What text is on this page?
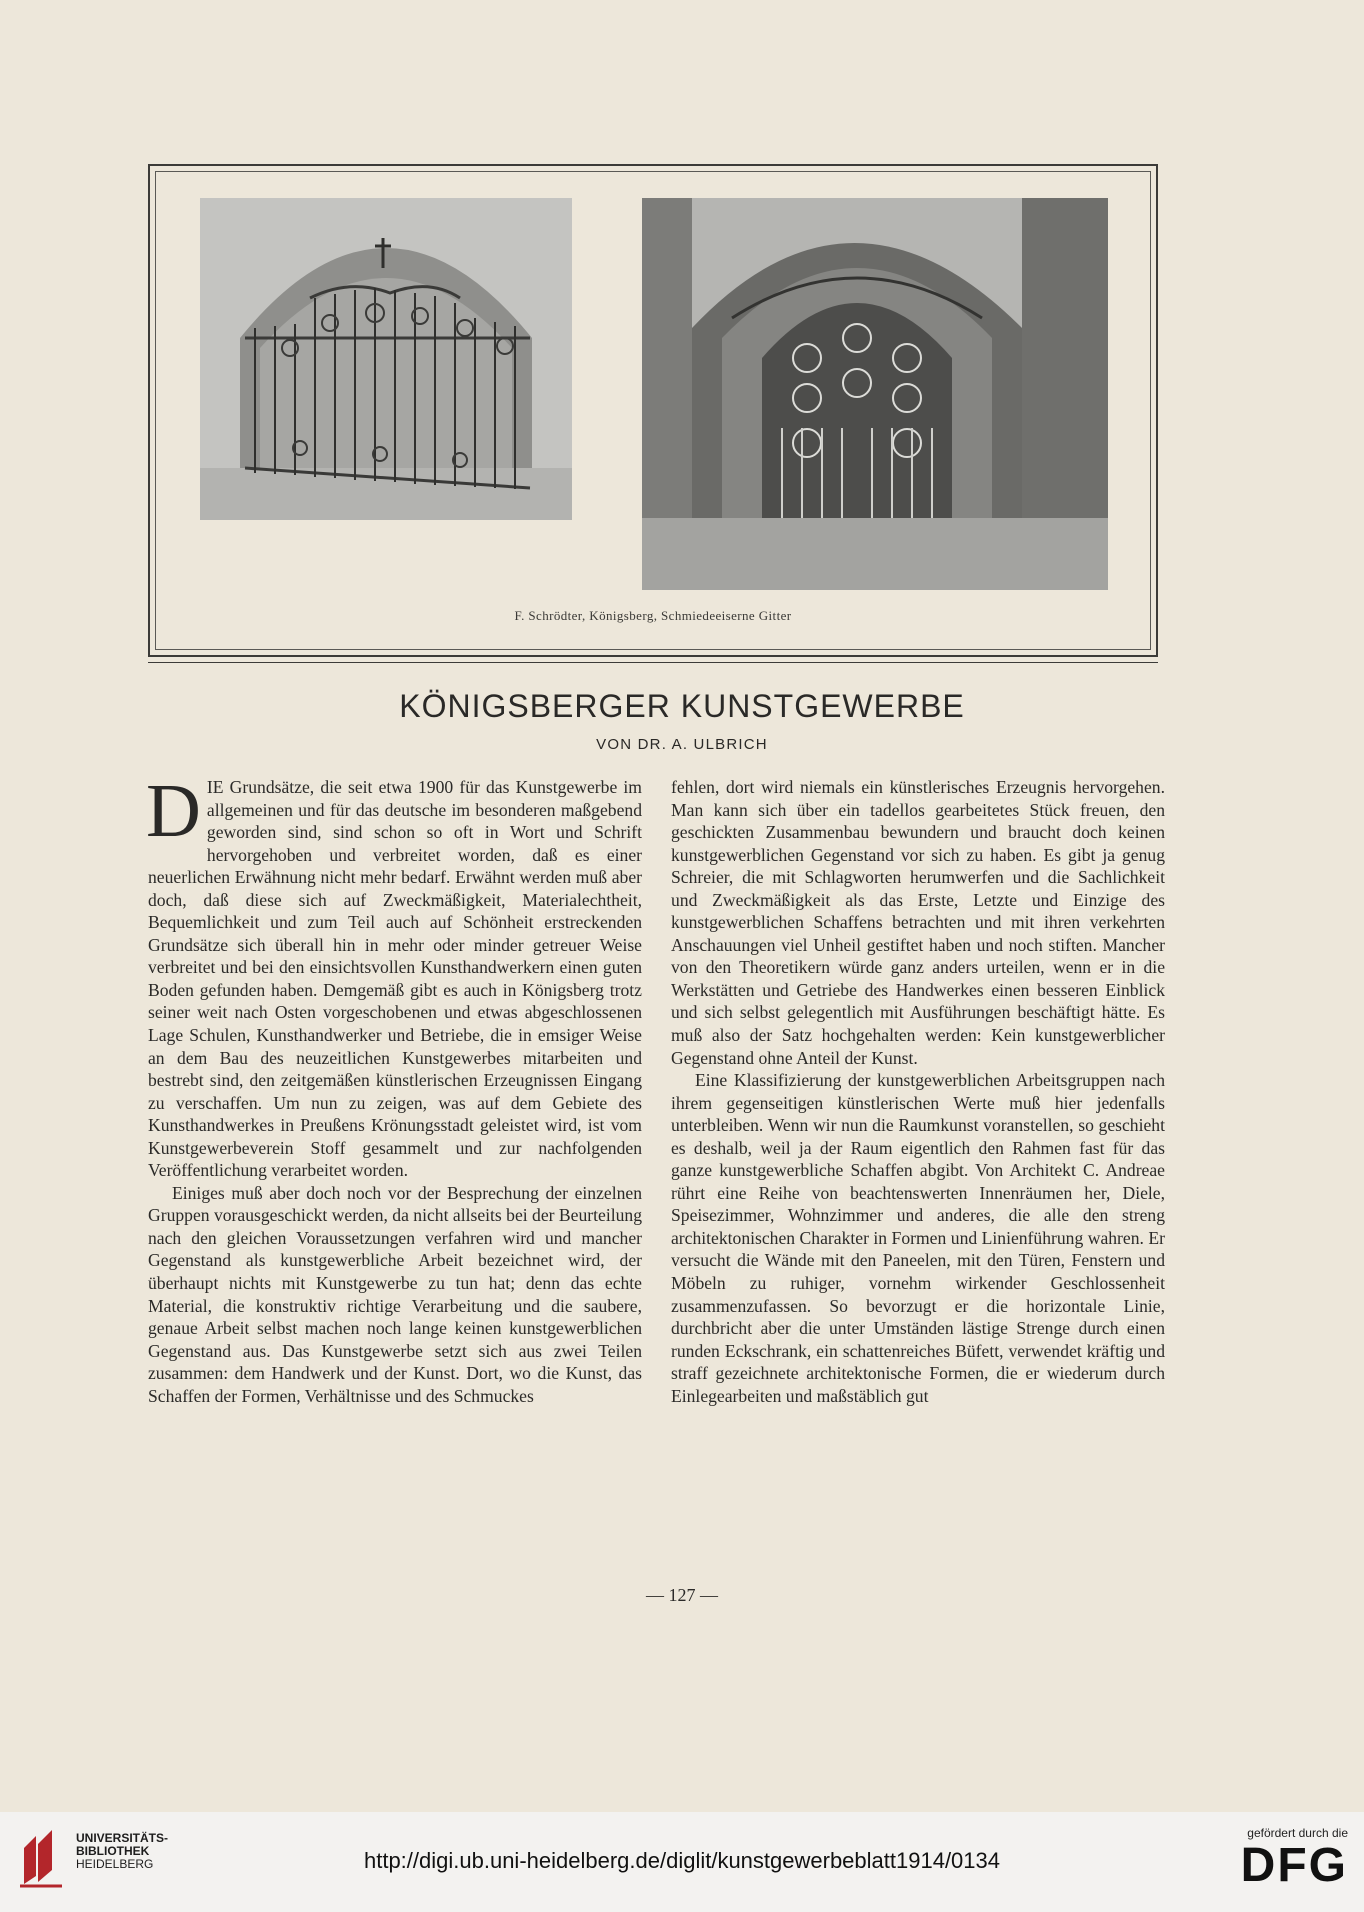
F. Schrödter, Königsberg, Schmiedeeiserne Gitter
KÖNIGSBERGER KUNSTGEWERBE
VON DR. A. ULBRICH

DIE Grundsätze, die seit etwa 1900 für das Kunstgewerbe im allgemeinen und für das deutsche im besonderen maßgebend geworden sind, sind schon so oft in Wort und Schrift hervorgehoben und verbreitet worden, daß es einer neuerlichen Erwähnung nicht mehr bedarf. Erwähnt werden muß aber doch, daß diese sich auf Zweckmäßigkeit, Materialechtheit, Bequemlichkeit und zum Teil auch auf Schönheit erstreckenden Grundsätze sich überall hin in mehr oder minder getreuer Weise verbreitet und bei den einsichtsvollen Kunsthandwerkern einen guten Boden gefunden haben. Demgemäß gibt es auch in Königsberg trotz seiner weit nach Osten vorgeschobenen und etwas abgeschlossenen Lage Schulen, Kunsthandwerker und Betriebe, die in emsiger Weise an dem Bau des neuzeitlichen Kunstgewerbes mitarbeiten und bestrebt sind, den zeitgemäßen künstlerischen Erzeugnissen Eingang zu verschaffen. Um nun zu zeigen, was auf dem Gebiete des Kunsthandwerkes in Preußens Krönungsstadt geleistet wird, ist vom Kunstgewerbeverein Stoff gesammelt und zur nachfolgenden Veröffentlichung verarbeitet worden.

Einiges muß aber doch noch vor der Besprechung der einzelnen Gruppen vorausgeschickt werden, da nicht allseits bei der Beurteilung nach den gleichen Voraussetzungen verfahren wird und mancher Gegenstand als kunstgewerbliche Arbeit bezeichnet wird, der überhaupt nichts mit Kunstgewerbe zu tun hat; denn das echte Material, die konstruktiv richtige Verarbeitung und die saubere, genaue Arbeit selbst machen noch lange keinen kunstgewerblichen Gegenstand aus. Das Kunstgewerbe setzt sich aus zwei Teilen zusammen: dem Handwerk und der Kunst. Dort, wo die Kunst, das Schaffen der Formen, Verhältnisse und des Schmuckes

fehlen, dort wird niemals ein künstlerisches Erzeugnis hervorgehen. Man kann sich über ein tadellos gearbeitetes Stück freuen, den geschickten Zusammenbau bewundern und braucht doch keinen kunstgewerblichen Gegenstand vor sich zu haben. Es gibt ja genug Schreier, die mit Schlagworten herumwerfen und die Sachlichkeit und Zweckmäßigkeit als das Erste, Letzte und Einzige des kunstgewerblichen Schaffens betrachten und mit ihren verkehrten Anschauungen viel Unheil gestiftet haben und noch stiften. Mancher von den Theoretikern würde ganz anders urteilen, wenn er in die Werkstätten und Getriebe des Handwerkes einen besseren Einblick und sich selbst gelegentlich mit Ausführungen beschäftigt hätte. Es muß also der Satz hochgehalten werden: Kein kunstgewerblicher Gegenstand ohne Anteil der Kunst.

Eine Klassifizierung der kunstgewerblichen Arbeitsgruppen nach ihrem gegenseitigen künstlerischen Werte muß hier jedenfalls unterbleiben. Wenn wir nun die Raumkunst voranstellen, so geschieht es deshalb, weil ja der Raum eigentlich den Rahmen fast für das ganze kunstgewerbliche Schaffen abgibt. Von Architekt C. Andreae rührt eine Reihe von beachtenswerten Innenräumen her, Diele, Speisezimmer, Wohnzimmer und anderes, die alle den streng architektonischen Charakter in Formen und Linienführung wahren. Er versucht die Wände mit den Paneelen, mit den Türen, Fenstern und Möbeln zu ruhiger, vornehm wirkender Geschlossenheit zusammenzufassen. So bevorzugt er die horizontale Linie, durchbricht aber die unter Umständen lästige Strenge durch einen runden Eckschrank, ein schattenreiches Büfett, verwendet kräftig und straff gezeichnete architektonische Formen, die er wiederum durch Einlegearbeiten und maßstäblich gut

— 127 —
UNIVERSITÄTS-
BIBLIOTHEK
HEIDELBERG	http://digi.ub.uni-heidelberg.de/diglit/kunstgewerbeblatt1914/0134
gefördert durch die
DFG
